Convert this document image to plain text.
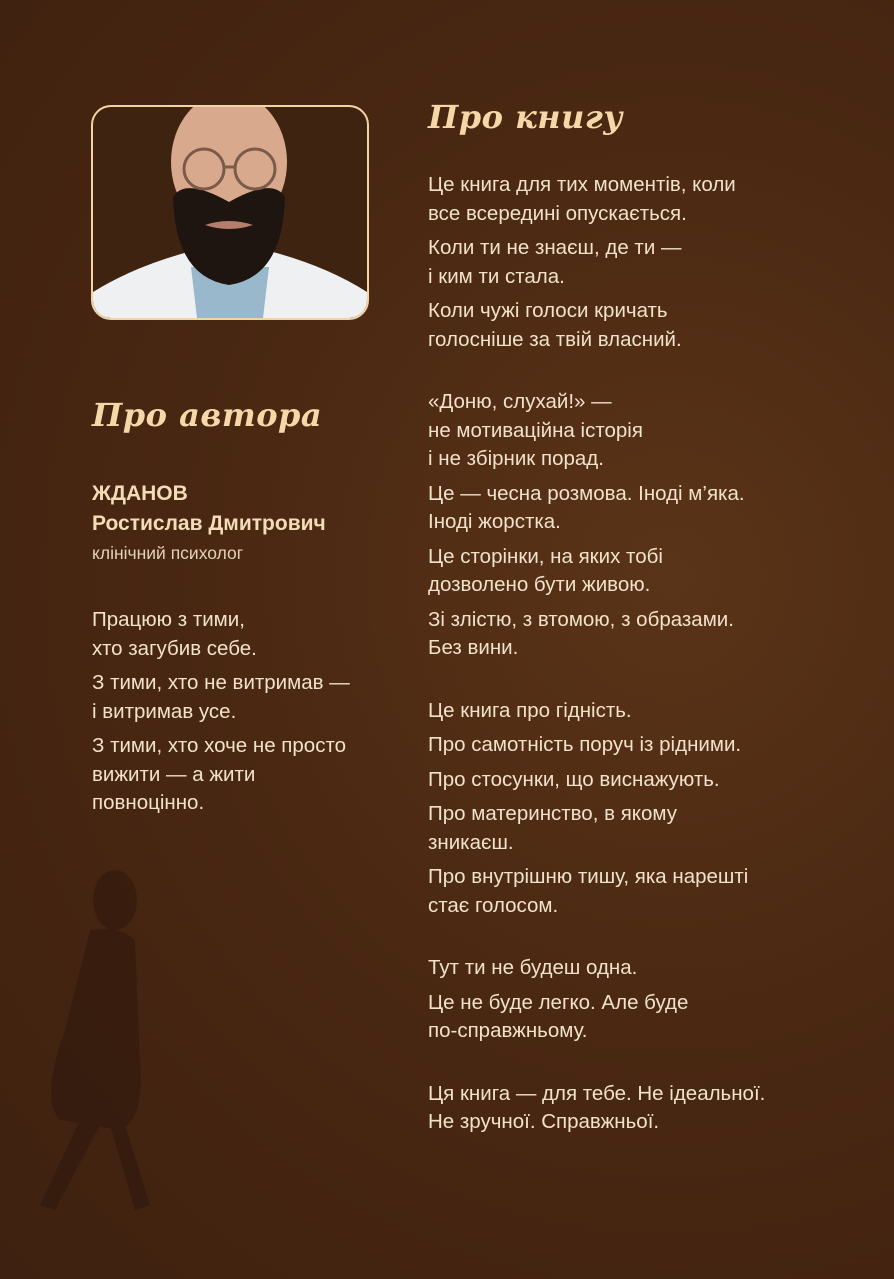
Про автора
ЖДАНОВ
Ростислав Дмитрович
клінічний психолог

Працюю з тими,
хто загубив себе.

З тими, хто не витримав —
і витримав усе.

З тими, хто хоче не просто
вижити — а жити
повноцінно.

Про книгу

Це книга для тих моментів, коли
все всередині опускається.

Коли ти не знаєш, де ти —
і ким ти стала.

Коли чужі голоси кричать
голосніше за твій власний.

«Доню, слухай!» —
не мотиваційна історія
і не збірник порад.

Це — чесна розмова. Іноді м’яка.
Іноді жорстка.

Це сторінки, на яких тобі
дозволено бути живою.

Зі злістю, з втомою, з образами.
Без вини.

Це книга про гідність.

Про самотність поруч із рідними.

Про стосунки, що виснажують.

Про материнство, в якому
зникаєш.

Про внутрішню тишу, яка нарешті
стає голосом.

Тут ти не будеш одна.

Це не буде легко. Але буде
по-справжньому.

Ця книга — для тебе. Не ідеальної.
Не зручної. Справжньої.
